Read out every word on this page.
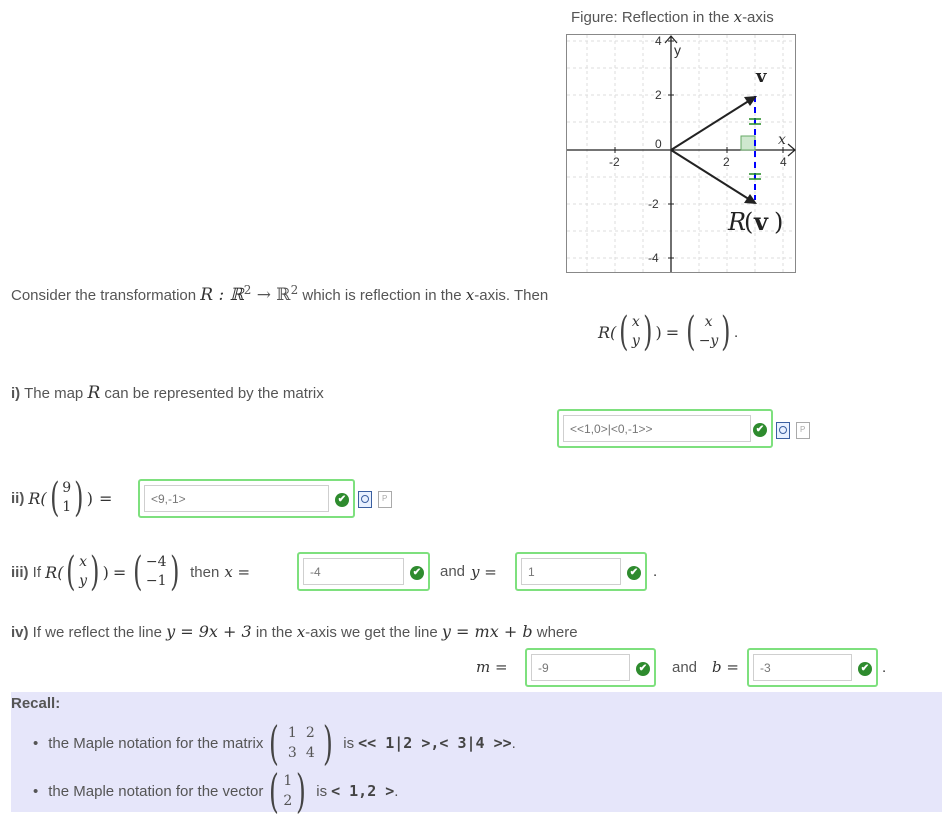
Figure: Reflection in the x-axis
-2
0
2	4
4
2
-2
-4
y
x
v
R
( v )
Consider the transformation R : ℝ$^2$ → ℝ$^2$ which is reflection in the x-axis. Then
R( ( x
y ) ) = ( x
−y ) .
i) The map R can be represented by the matrix
<<1,0>|<0,-1>>	✔
P
ii) R( ( 9
1 ) ) =	<9,-1>	✔
P
iii) If R( ( x
y ) ) = ( −4
−1 ) then x =	-4	✔ and y =	1	✔ .
iv) If we reflect the line y = 9x + 3 in the x-axis we get the line y = mx + b where
m =	-9	✔ and b =	-3	✔ .
Recall:
• the Maple notation for the matrix ( 1 2
3 4 ) is << 1|2 >,< 3|4 >> .
• the Maple notation for the vector ( 1
2 ) is < 1,2 > .
